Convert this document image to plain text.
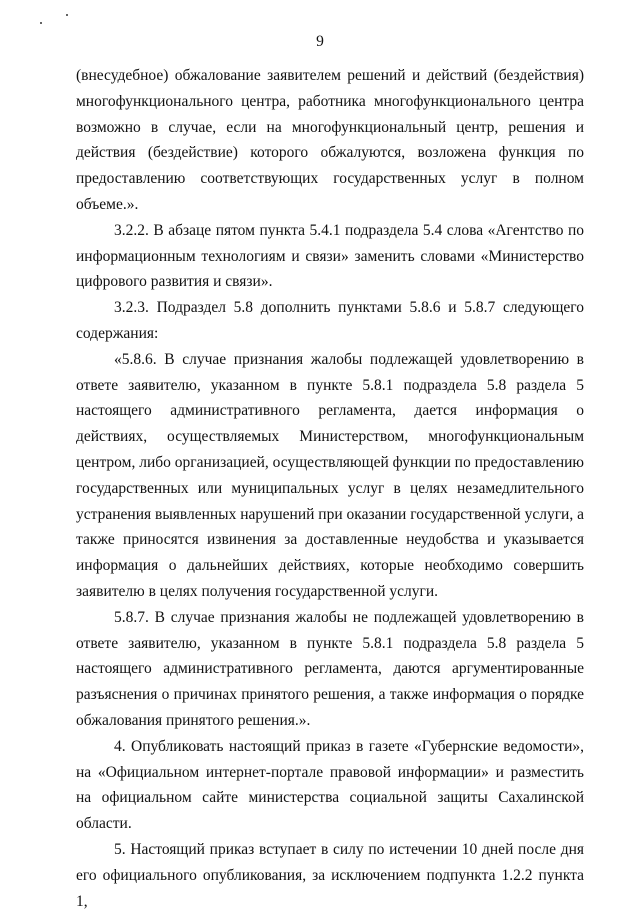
9

(внесудебное) обжалование заявителем решений и действий (бездействия) многофункционального центра, работника многофункционального центра возможно в случае, если на многофункциональный центр, решения и действия (бездействие) которого обжалуются, возложена функция по предоставлению соответствующих государственных услуг в полном объеме.».

3.2.2. В абзаце пятом пункта 5.4.1 подраздела 5.4 слова «Агентство по информационным технологиям и связи» заменить словами «Министерство цифрового развития и связи».

3.2.3. Подраздел 5.8 дополнить пунктами 5.8.6 и 5.8.7 следующего содержания:

«5.8.6. В случае признания жалобы подлежащей удовлетворению в ответе заявителю, указанном в пункте 5.8.1 подраздела 5.8 раздела 5 настоящего административного регламента, дается информация о действиях, осуществляемых Министерством, многофункциональным центром, либо организацией, осуществляющей функции по предоставлению государственных или муниципальных услуг в целях незамедлительного устранения выявленных нарушений при оказании государственной услуги, а также приносятся извинения за доставленные неудобства и указывается информация о дальнейших действиях, которые необходимо совершить заявителю в целях получения государственной услуги.

5.8.7. В случае признания жалобы не подлежащей удовлетворению в ответе заявителю, указанном в пункте 5.8.1 подраздела 5.8 раздела 5 настоящего административного регламента, даются аргументированные разъяснения о причинах принятого решения, а также информация о порядке обжалования принятого решения.».

4. Опубликовать настоящий приказ в газете «Губернские ведомости», на «Официальном интернет-портале правовой информации» и разместить на официальном сайте министерства социальной защиты Сахалинской области.

5. Настоящий приказ вступает в силу по истечении 10 дней после дня его официального опубликования, за исключением подпункта 1.2.2 пункта 1,
